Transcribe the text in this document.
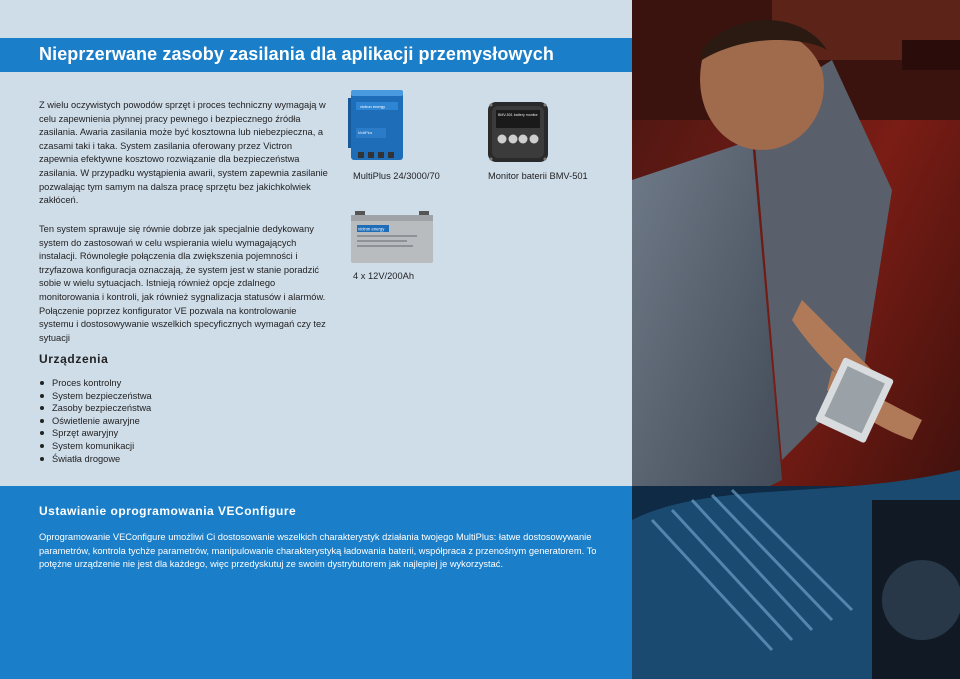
Nieprzerwane zasoby zasilania dla aplikacji przemysłowych

Z wielu oczywistych powodów sprzęt i proces techniczny wymagają w celu zapewnienia płynnej pracy pewnego i bezpiecznego źródła zasilania. Awaria zasilania może być kosztowna lub niebezpieczna, a czasami taki i taka. System zasilania oferowany przez Victron zapewnia efektywne kosztowo rozwiązanie dla bezpieczeństwa zasilania. W przypadku wystąpienia awarii, system zapewnia zasilanie pozwalając tym samym na dalsza pracę sprzętu bez jakichkolwiek zakłóceń.

Ten system sprawuje się równie dobrze jak specjalnie dedykowany system do zastosowań w celu wspierania wielu wymagających instalacji. Równoległe połączenia dla zwiększenia pojemności i trzyfazowa konfiguracja oznaczają, że system jest w stanie poradzić sobie w wielu sytuacjach. Istnieją również opcje zdalnego monitorowania i kontroli, jak również sygnalizacja statusów i alarmów. Połączenie poprzez konfigurator VE pozwala na kontrolowanie systemu i dostosowywanie wszelkich specyficznych wymagań czy tez sytuacji

Urządzenia
Proces kontrolny
System bezpieczeństwa
Zasoby bezpieczeństwa
Oświetlenie awaryjne
Sprzęt awaryjny
System komunikacji
Światła drogowe
victron energy
MultiPlus
MultiPlus 24/3000/70
BMV-501 battery monitor
Monitor baterii BMV-501
victron energy
4 x 12V/200Ah
Ustawianie oprogramowania VEConfigure

Oprogramowanie VEConfigure umożliwi Ci dostosowanie wszelkich charakterystyk działania twojego MultiPlus: łatwe dostosowywanie parametrów, kontrola tychże parametrów, manipulowanie charakterystyką ładowania baterii, współpraca z przenośnym generatorem. To potężne urządzenie nie jest dla każdego, więc przedyskutuj ze swoim dystrybutorem jak najlepiej je wykorzystać.
